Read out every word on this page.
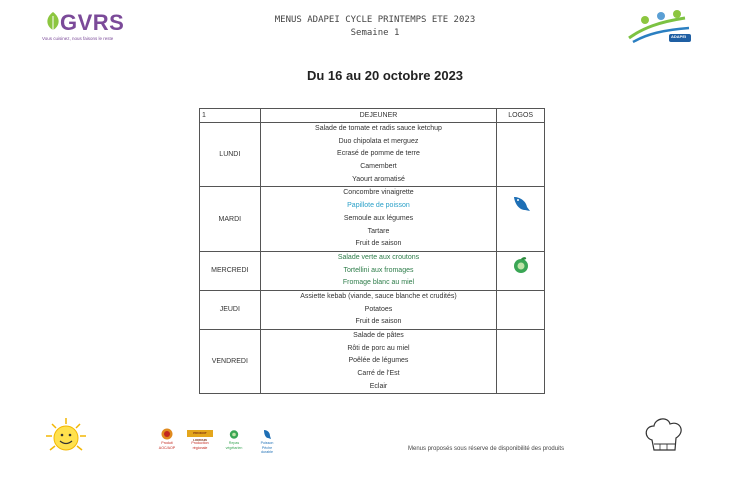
GVRS
Vous cuisinez, nous faisons le reste
MENUS ADAPEI CYCLE PRINTEMPS ETE 2023
Semaine 1	ADAPEI
Du 16 au 20 octobre 2023
1	DEJEUNER	LOGOS
LUNDI	Salade de tomate et radis sauce ketchup
Duo chipolata et merguez
Ecrasé de pomme de terre
Camembert
Yaourt aromatisé	

MARDI	Concombre vinaigrette
Papillote de poisson
Semoule aux légumes
Tartare
Fruit de saison

MERCREDI	Salade verte aux croutons
Tortellini aux fromages
Fromage blanc au miel

JEUDI	Assiette kebab (viande, sauce blanche et crudités)
Potatoes
Fruit de saison	

VENDREDI	Salade de pâtes
Rôti de porc au miel
Poêlée de légumes
Carré de l'Est
Eclair	

Produit AOC/AOP
PRODUIT LORRAIN
Production régionale
Repas végétarien
Poisson Pêche durable	Menus proposés sous réserve de disponibilité des produits
